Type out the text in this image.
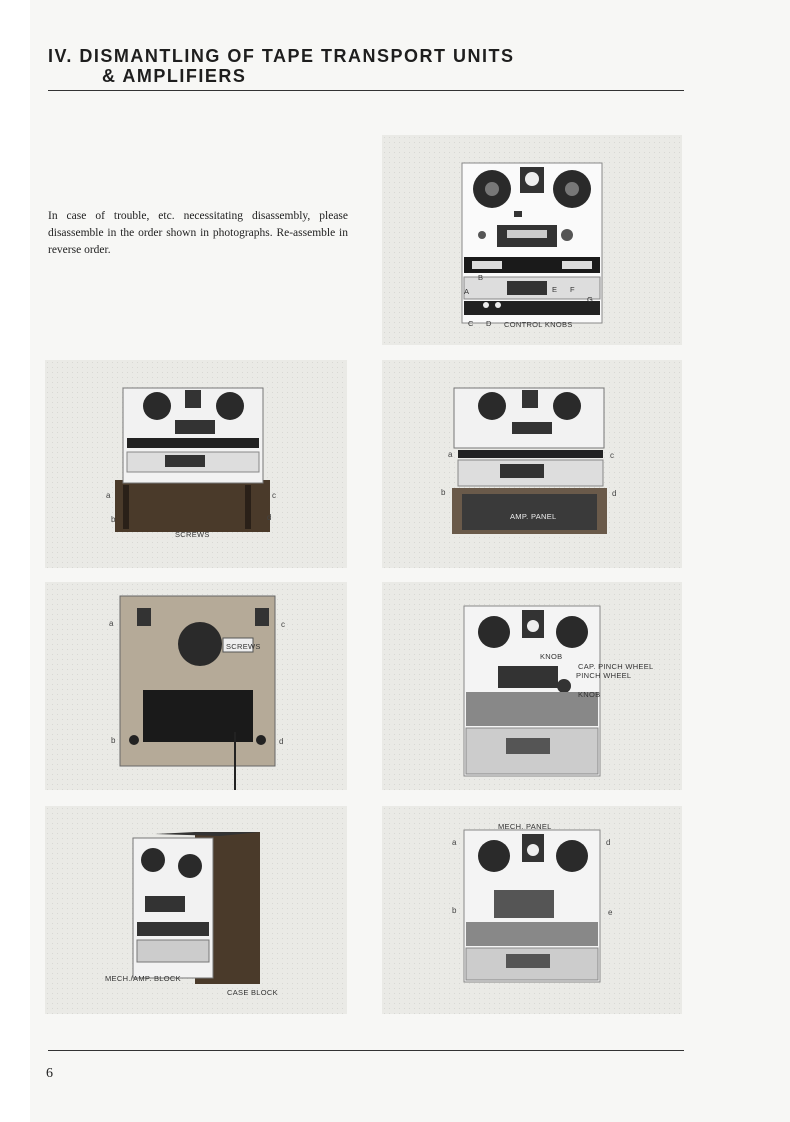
IV. DISMANTLING OF TAPE TRANSPORT UNITS
& AMPLIFIERS
In case of trouble, etc. necessitating disassembly, please disassemble in the order shown in photographs. Re-assemble in reverse order.
A
B
C D
E F
G
CONTROL KNOBS
a
b
c
d
SCREWS
a
b
c
d
AMP. PANEL
a
b
c
d
SCREWS
KNOB
CAP. PINCH WHEEL
PINCH WHEEL
KNOB
MECH./AMP. BLOCK
CASE BLOCK
MECH. PANEL
a
b
d
e
6
